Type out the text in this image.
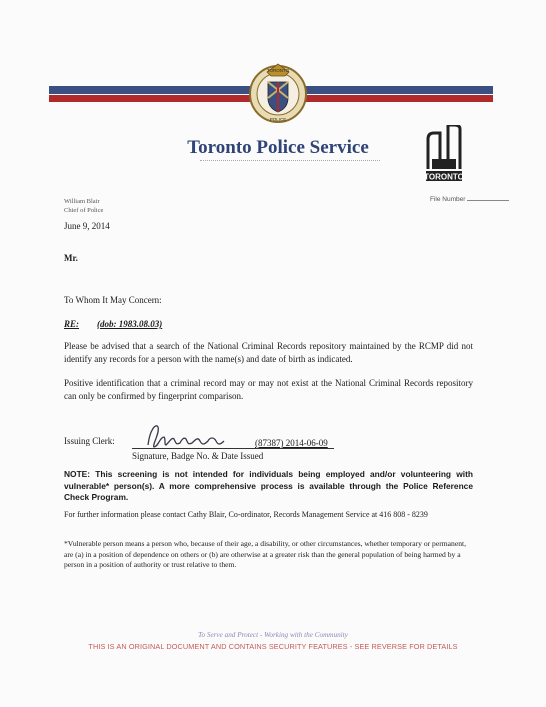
TORONTO
POLICE
Toronto Police Service
TORONTO
File Number
William Blair
Chief of Police
June 9, 2014
Mr.
To Whom It May Concern:
RE: (dob: 1983.08.03)
Please be advised that a search of the National Criminal Records repository maintained by the RCMP did not identify any records for a person with the name(s) and date of birth as indicated.
Positive identification that a criminal record may or may not exist at the National Criminal Records repository can only be confirmed by fingerprint comparison.
Issuing Clerk:	(87387) 2014-06-09
Signature, Badge No. & Date Issued
NOTE: This screening is not intended for individuals being employed and/or volunteering with vulnerable* person(s). A more comprehensive process is available through the Police Reference Check Program.
For further information please contact Cathy Blair, Co-ordinator, Records Management Service at 416 808 - 8239
*Vulnerable person means a person who, because of their age, a disability, or other circumstances, whether temporary or permanent, are (a) in a position of dependence on others or (b) are otherwise at a greater risk than the general population of being harmed by a person in a position of authority or trust relative to them.
To Serve and Protect - Working with the Community
THIS IS AN ORIGINAL DOCUMENT AND CONTAINS SECURITY FEATURES - SEE REVERSE FOR DETAILS
